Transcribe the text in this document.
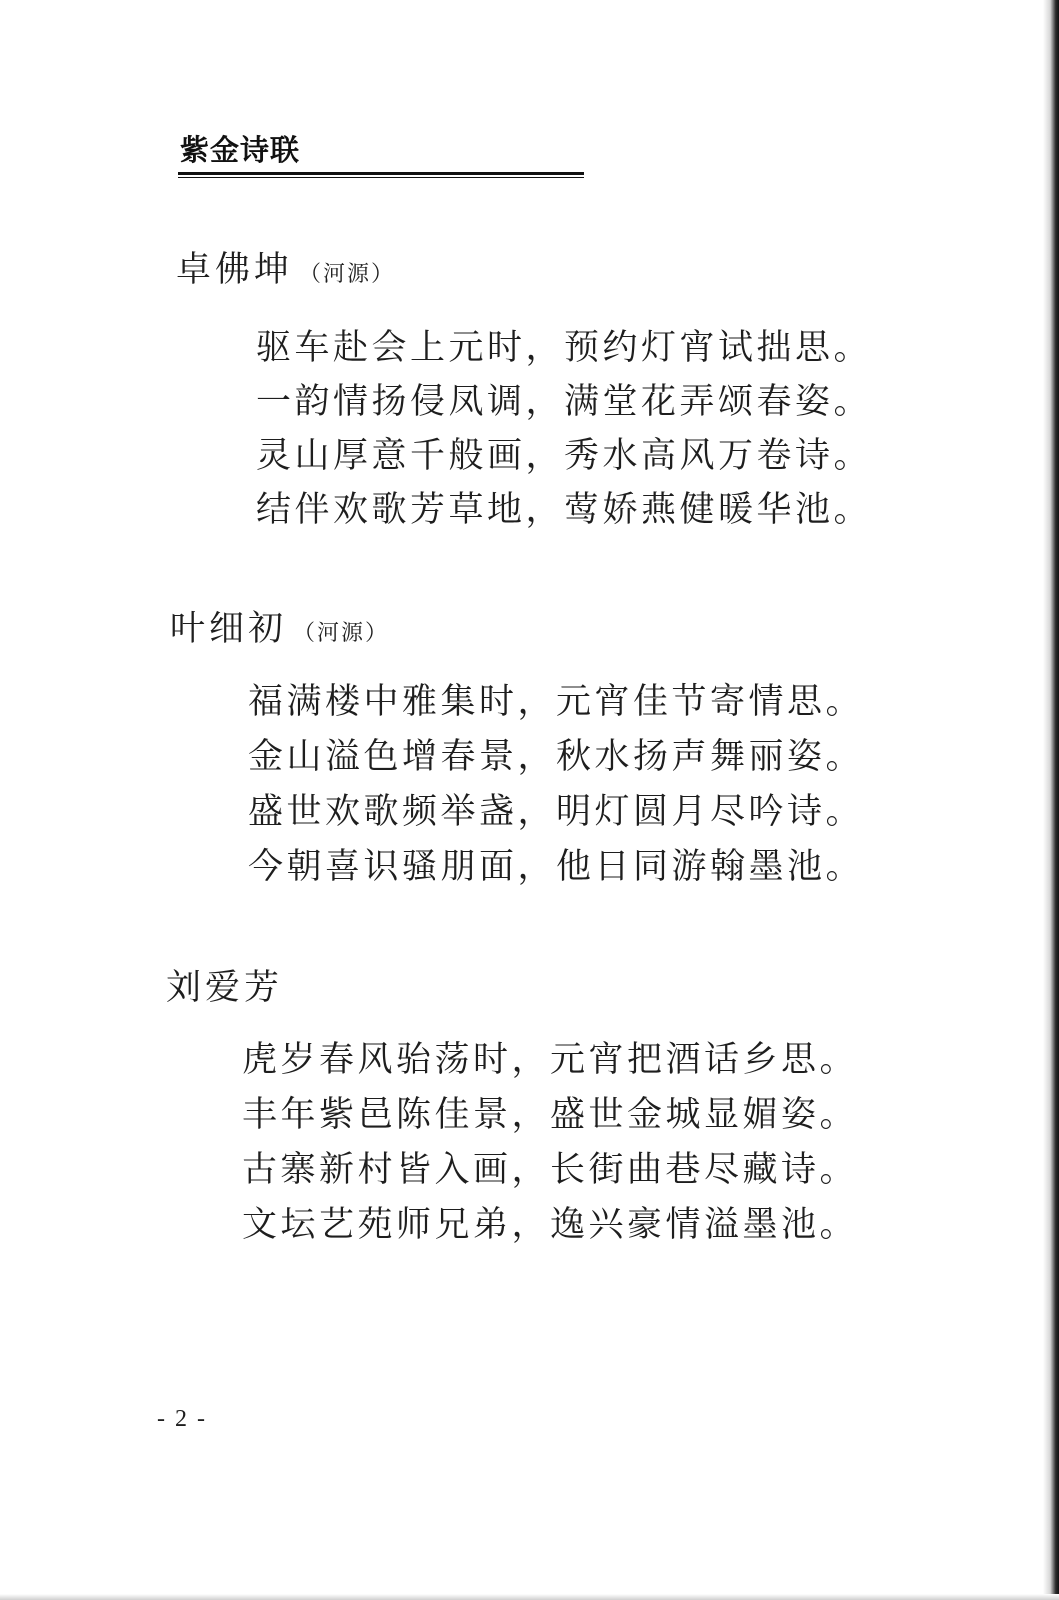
紫金诗联
卓佛坤 （河源）
驱车赴会上元时，预约灯宵试拙思。
一韵情扬侵凤调，满堂花弄颂春姿。
灵山厚意千般画，秀水高风万卷诗。
结伴欢歌芳草地，莺娇燕健暖华池。
叶细初 （河源）
福满楼中雅集时，元宵佳节寄情思。
金山溢色增春景，秋水扬声舞丽姿。
盛世欢歌频举盏，明灯圆月尽吟诗。
今朝喜识骚朋面，他日同游翰墨池。
刘爱芳
虎岁春风骀荡时，元宵把酒话乡思。
丰年紫邑陈佳景，盛世金城显媚姿。
古寨新村皆入画，长街曲巷尽藏诗。
文坛艺苑师兄弟，逸兴豪情溢墨池。
- 2 -
